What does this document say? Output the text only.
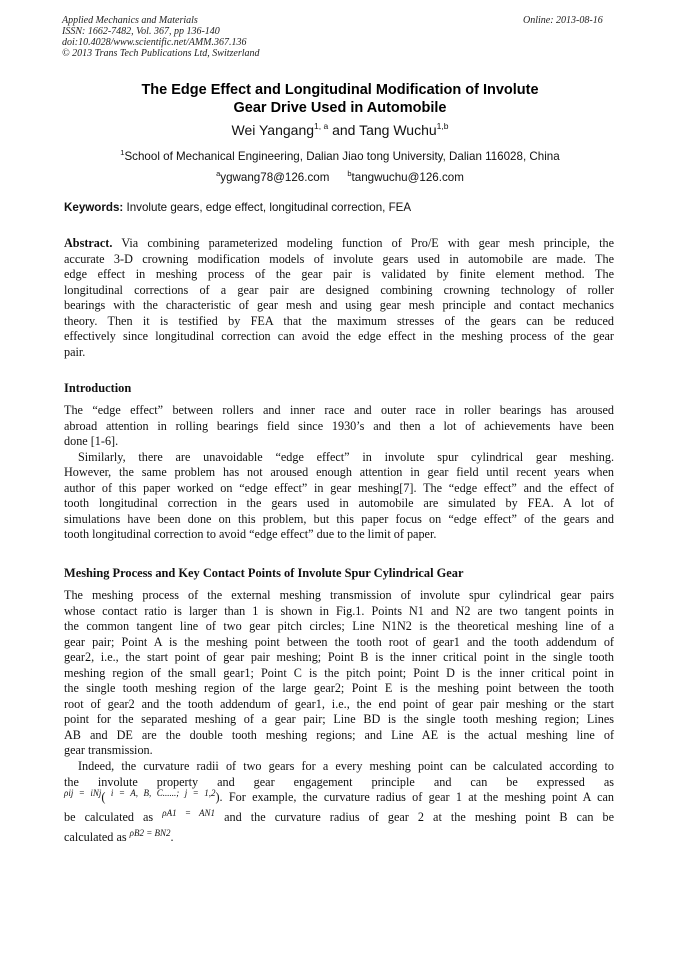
Applied Mechanics and Materials
ISSN: 1662-7482, Vol. 367, pp 136-140
doi:10.4028/www.scientific.net/AMM.367.136
© 2013 Trans Tech Publications Ltd, Switzerland
Online: 2013-08-16
The Edge Effect and Longitudinal Modification of Involute
Gear Drive Used in Automobile
Wei Yangang$^{1, a}$ and Tang Wuchu$^{1,b}$
$^1$School of Mechanical Engineering, Dalian Jiao tong University, Dalian 116028, China
$^a$ygwang78@126.com $^b$tangwuchu@126.com
Keywords: Involute gears, edge effect, longitudinal correction, FEA
Abstract. Via combining parameterized modeling function of Pro/E with gear mesh principle, the
accurate 3-D crowning modification models of involute gears used in automobile are made. The
edge effect in meshing process of the gear pair is validated by finite element method. The
longitudinal corrections of a gear pair are designed combining crowning technology of roller
bearings with the characteristic of gear mesh and using gear mesh principle and contact mechanics
theory. Then it is testified by FEA that the maximum stresses of the gears can be reduced
effectively since longitudinal correction can avoid the edge effect in the meshing process of the gear
pair.
Introduction
The “edge effect” between rollers and inner race and outer race in roller bearings has aroused
abroad attention in rolling bearings field since 1930’s and then a lot of achievements have been
done [1-6].
Similarly, there are unavoidable “edge effect” in involute spur cylindrical gear meshing.
However, the same problem has not aroused enough attention in gear field until recent years when
author of this paper worked on “edge effect” in gear meshing[7]. The “edge effect” and the effect of
tooth longitudinal correction in the gears used in automobile are simulated by FEA. A lot of
simulations have been done on this problem, but this paper focus on “edge effect” of the gears and
tooth longitudinal correction to avoid “edge effect” due to the limit of paper.
Meshing Process and Key Contact Points of Involute Spur Cylindrical Gear
The meshing process of the external meshing transmission of involute spur cylindrical gear pairs
whose contact ratio is larger than 1 is shown in Fig.1. Points N1 and N2 are two tangent points in
the common tangent line of two gear pitch circles; Line N1N2 is the theoretical meshing line of a
gear pair; Point A is the meshing point between the tooth root of gear1 and the tooth addendum of
gear2, i.e., the start point of gear pair meshing; Point B is the inner critical point in the single tooth
meshing region of the small gear1; Point C is the pitch point; Point D is the inner critical point in
the single tooth meshing region of the large gear2; Point E is the meshing point between the tooth
root of gear2 and the tooth addendum of gear1, i.e., the end point of gear pair meshing or the start
point for the separated meshing of a gear pair; Line BD is the single tooth meshing region; Lines
AB and DE are the double tooth meshing regions; and Line AE is the actual meshing line of
gear transmission.
Indeed, the curvature radii of two gears for a every meshing point can be calculated according to
the involute property and gear engagement principle and can be expressed as
$^{\rho ij = iNj}$( $^{i = A, B, C......; j = 1,2}$). For example, the curvature radius of gear 1 at the meshing point A can
be calculated as $^{\rho A1 = AN1}$ and the curvature radius of gear 2 at the meshing point B can be
calculated as $^{\rho B2 = BN2}$.
